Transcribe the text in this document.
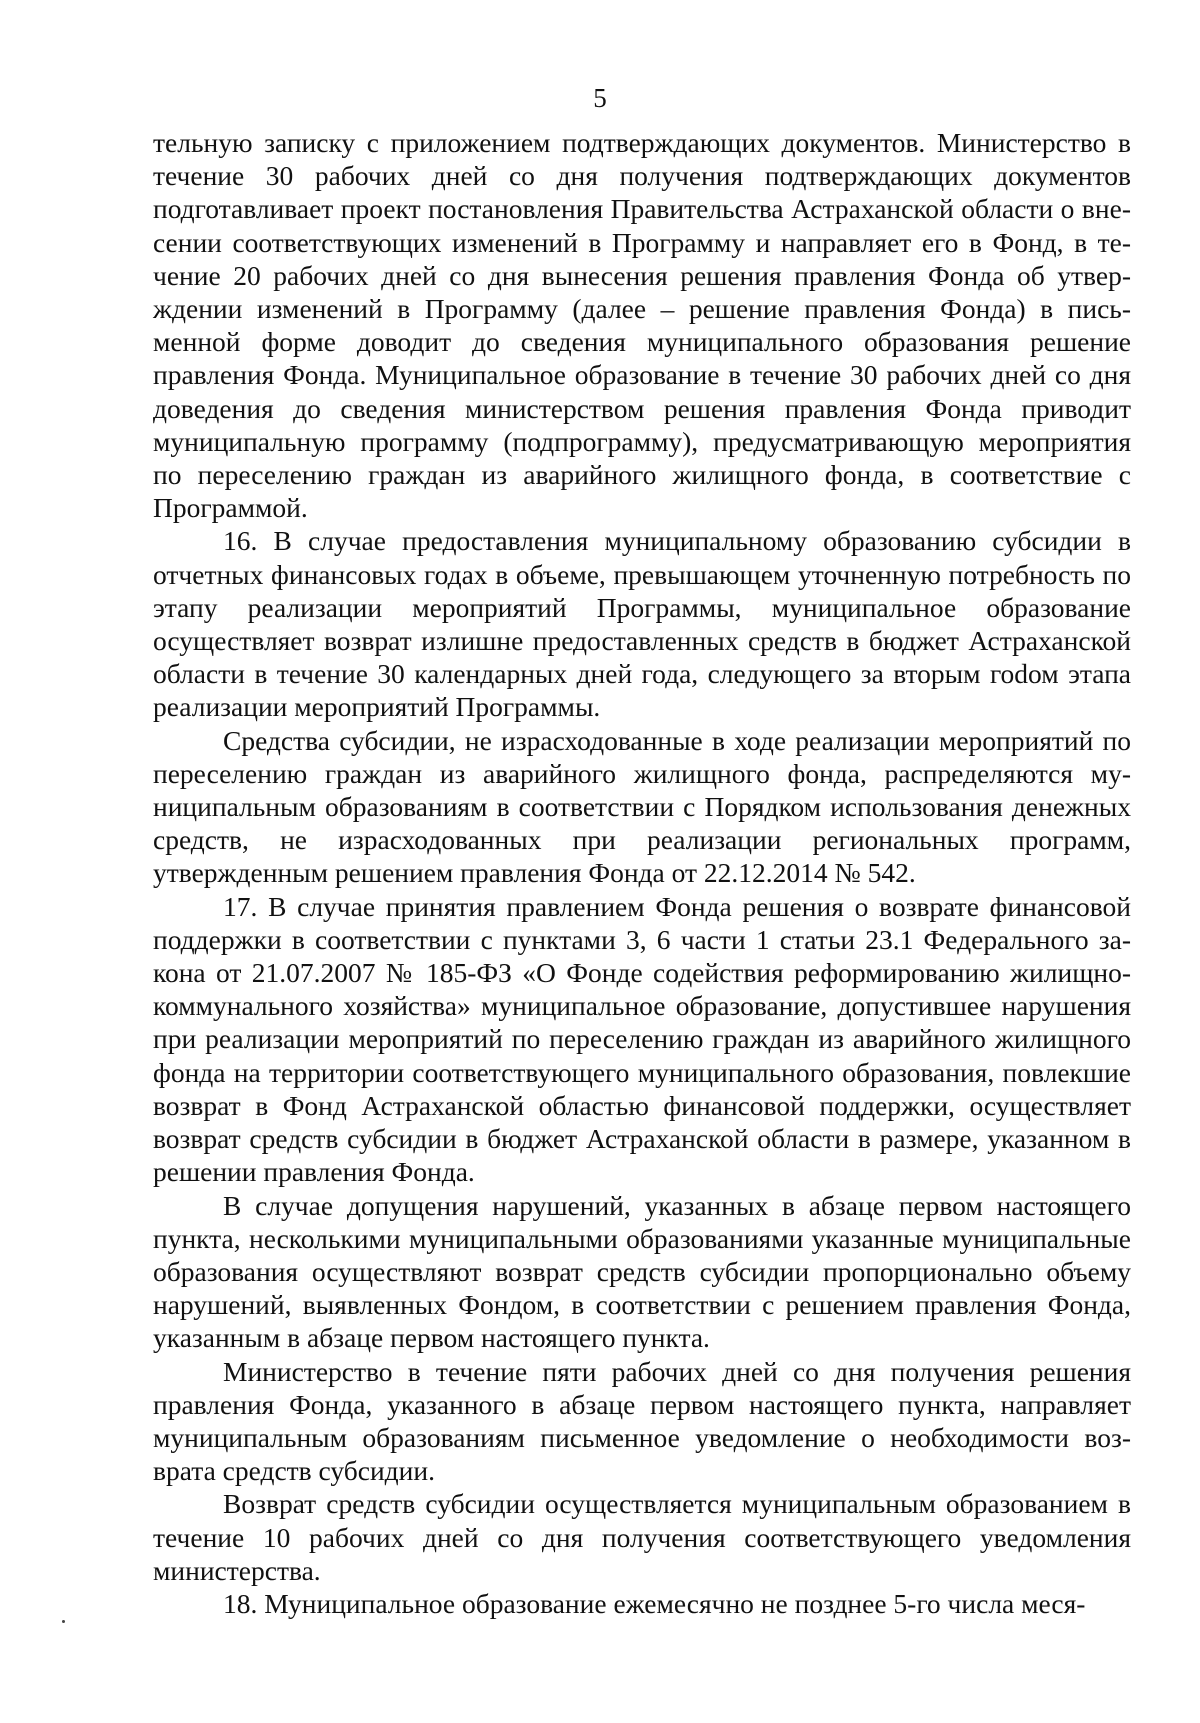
5

тельную записку с приложением подтверждающих документов. Министерство в течение 30 рабочих дней со дня получения подтверждающих документов подготавливает проект постановления Правительства Астраханской области о внесении соответствующих изменений в Программу и направляет его в Фонд, в течение 20 рабочих дней со дня вынесения решения правления Фонда об утверждении изменений в Программу (далее – решение правления Фонда) в письменной форме доводит до сведения муниципального образования решение правления Фонда. Муниципальное образование в течение 30 рабочих дней со дня доведения до сведения министерством решения правления Фонда приводит муниципальную программу (подпрограмму), предусматривающую мероприятия по переселению граждан из аварийного жилищного фонда, в соответствие с Программой.

16. В случае предоставления муниципальному образованию субсидии в отчетных финансовых годах в объеме, превышающем уточненную потребность по этапу реализации мероприятий Программы, муниципальное образование осуществляет возврат излишне предоставленных средств в бюджет Астраханской области в течение 30 календарных дней года, следующего за вторым гоdом этапа реализации мероприятий Программы.

Средства субсидии, не израсходованные в ходе реализации мероприятий по переселению граждан из аварийного жилищного фонда, распределяются муниципальным образованиям в соответствии с Порядком использования денежных средств, не израсходованных при реализации региональных программ, утвержденным решением правления Фонда от 22.12.2014 № 542.

17. В случае принятия правлением Фонда решения о возврате финансовой поддержки в соответствии с пунктами 3, 6 части 1 статьи 23.1 Федерального закона от 21.07.2007 № 185-ФЗ «О Фонде содействия реформированию жилищно-коммунального хозяйства» муниципальное образование, допустившее нарушения при реализации мероприятий по переселению граждан из аварийного жилищного фонда на территории соответствующего муниципального образования, повлекшие возврат в Фонд Астраханской областью финансовой поддержки, осуществляет возврат средств субсидии в бюджет Астраханской области в размере, указанном в решении правления Фонда.

В случае допущения нарушений, указанных в абзаце первом настоящего пункта, несколькими муниципальными образованиями указанные муниципальные образования осуществляют возврат средств субсидии пропорционально объему нарушений, выявленных Фондом, в соответствии с решением правления Фонда, указанным в абзаце первом настоящего пункта.

Министерство в течение пяти рабочих дней со дня получения решения правления Фонда, указанного в абзаце первом настоящего пункта, направляет муниципальным образованиям письменное уведомление о необходимости возврата средств субсидии.

Возврат средств субсидии осуществляется муниципальным образованием в течение 10 рабочих дней со дня получения соответствующего уведомления министерства.

18. Муниципальное образование ежемесячно не позднее 5-го числа меся-
